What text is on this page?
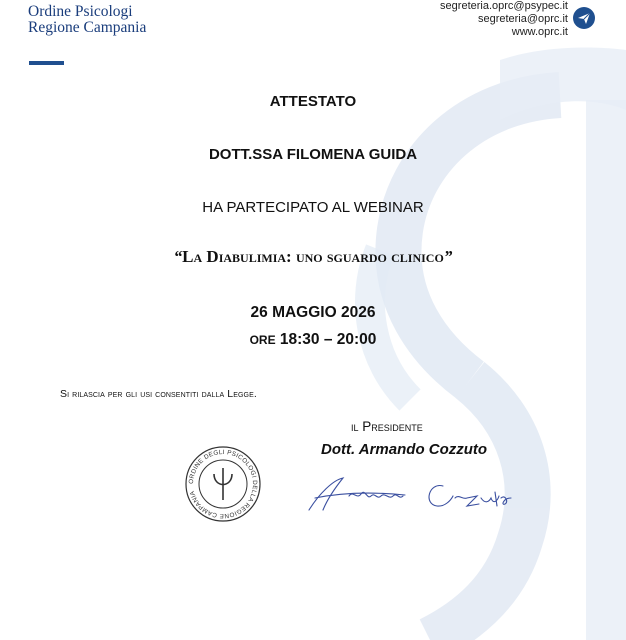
Ordine Psicologi
Regione Campania
segreteria.oprc@psypec.it
segreteria@oprc.it
www.oprc.it
ATTESTATO
DOTT.SSA FILOMENA GUIDA
HA PARTECIPATO AL WEBINAR
“La Diabulimia: uno sguardo clinico”
26 MAGGIO 2026
ORE 18:30 – 20:00
Si rilascia per gli usi consentiti dalla Legge.
il Presidente
Dott. Armando Cozzuto
ORDINE DEGLI PSICOLOGI DELLA REGIONE CAMPANIA
